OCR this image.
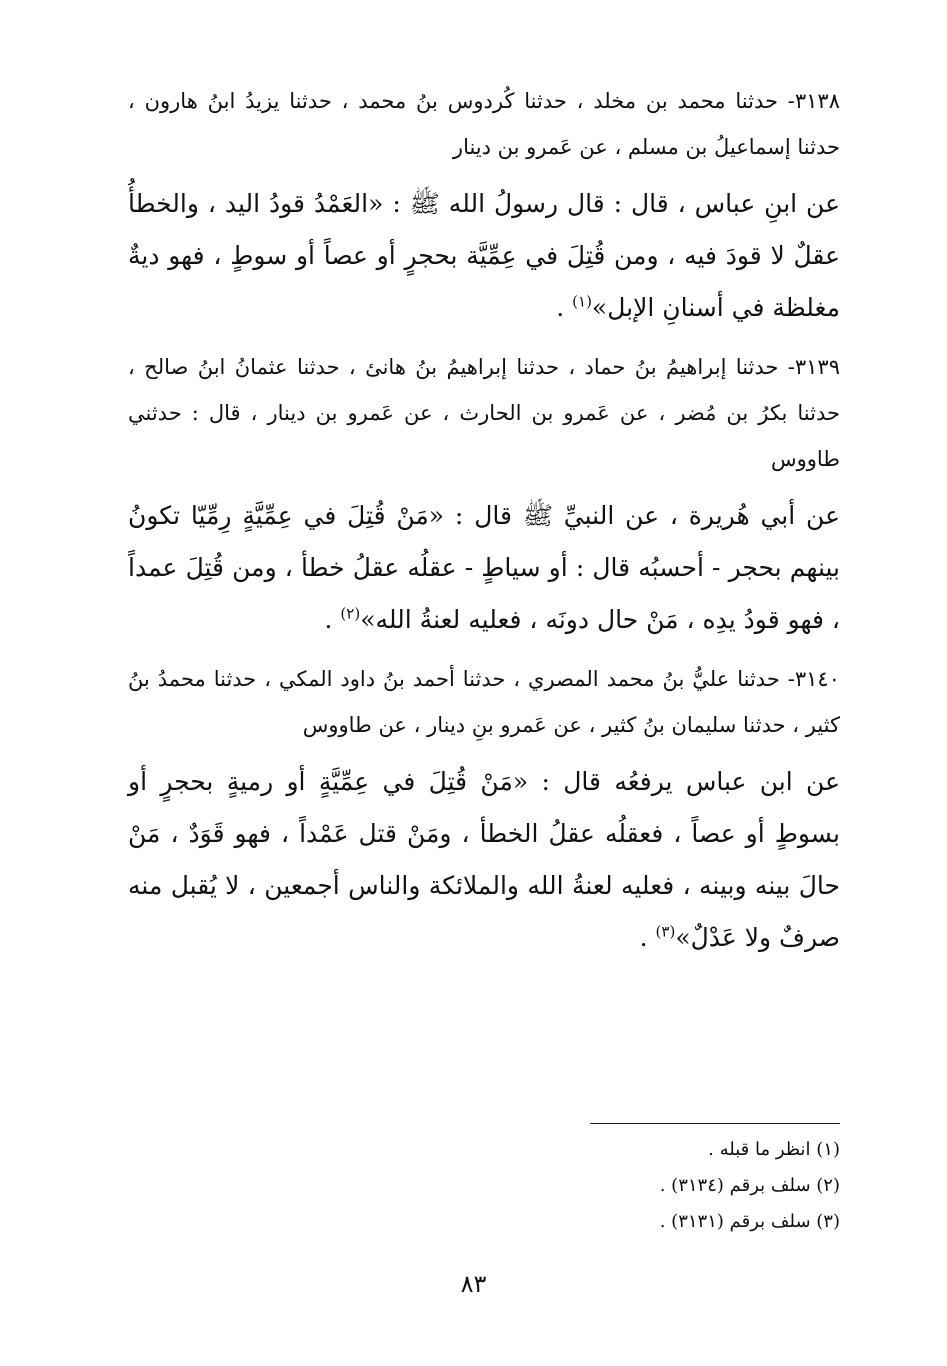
٣١٣٨- حدثنا محمد بن مخلد ، حدثنا كُردوس بنُ محمد ، حدثنا يزيدُ ابنُ هارون ، حدثنا إسماعيلُ بن مسلم ، عن عَمرو بن دينار

عن ابنِ عباس ، قال : قال رسولُ الله ﷺ : «العَمْدُ قودُ اليد ، والخطأُ عقلٌ لا قودَ فيه ، ومن قُتِلَ في عِمِّيَّة بحجرٍ أو عصاً أو سوطٍ ، فهو ديةٌ مغلظة في أسنانِ الإبل»$^{(١)}$ .

٣١٣٩- حدثنا إبراهيمُ بنُ حماد ، حدثنا إبراهيمُ بنُ هانئ ، حدثنا عثمانُ ابنُ صالح ، حدثنا بكرُ بن مُضر ، عن عَمرو بن الحارث ، عن عَمرو بن دينار ، قال : حدثني طاووس

عن أبي هُريرة ، عن النبيِّ ﷺ قال : «مَنْ قُتِلَ في عِمِّيَّةٍ رِمِّيّا تكونُ بينهم بحجر - أحسبُه قال : أو سياطٍ - عقلُه عقلُ خطأ ، ومن قُتِلَ عمداً ، فهو قودُ يدِه ، مَنْ حال دونَه ، فعليه لعنةُ الله»$^{(٢)}$ .

٣١٤٠- حدثنا عليُّ بنُ محمد المصري ، حدثنا أحمد بنُ داود المكي ، حدثنا محمدُ بنُ كثير ، حدثنا سليمان بنُ كثير ، عن عَمرو بنِ دينار ، عن طاووس

عن ابن عباس يرفعُه قال : «مَنْ قُتِلَ في عِمِّيَّةٍ أو رميةٍ بحجرٍ أو بسوطٍ أو عصاً ، فعقلُه عقلُ الخطأ ، ومَنْ قتل عَمْداً ، فهو قَوَدٌ ، مَنْ حالَ بينه وبينه ، فعليه لعنةُ الله والملائكة والناس أجمعين ، لا يُقبل منه صرفٌ ولا عَدْلٌ»$^{(٣)}$ .

(١) انظر ما قبله .

(٢) سلف برقم (٣١٣٤) .

(٣) سلف برقم (٣١٣١) .

٨٣
